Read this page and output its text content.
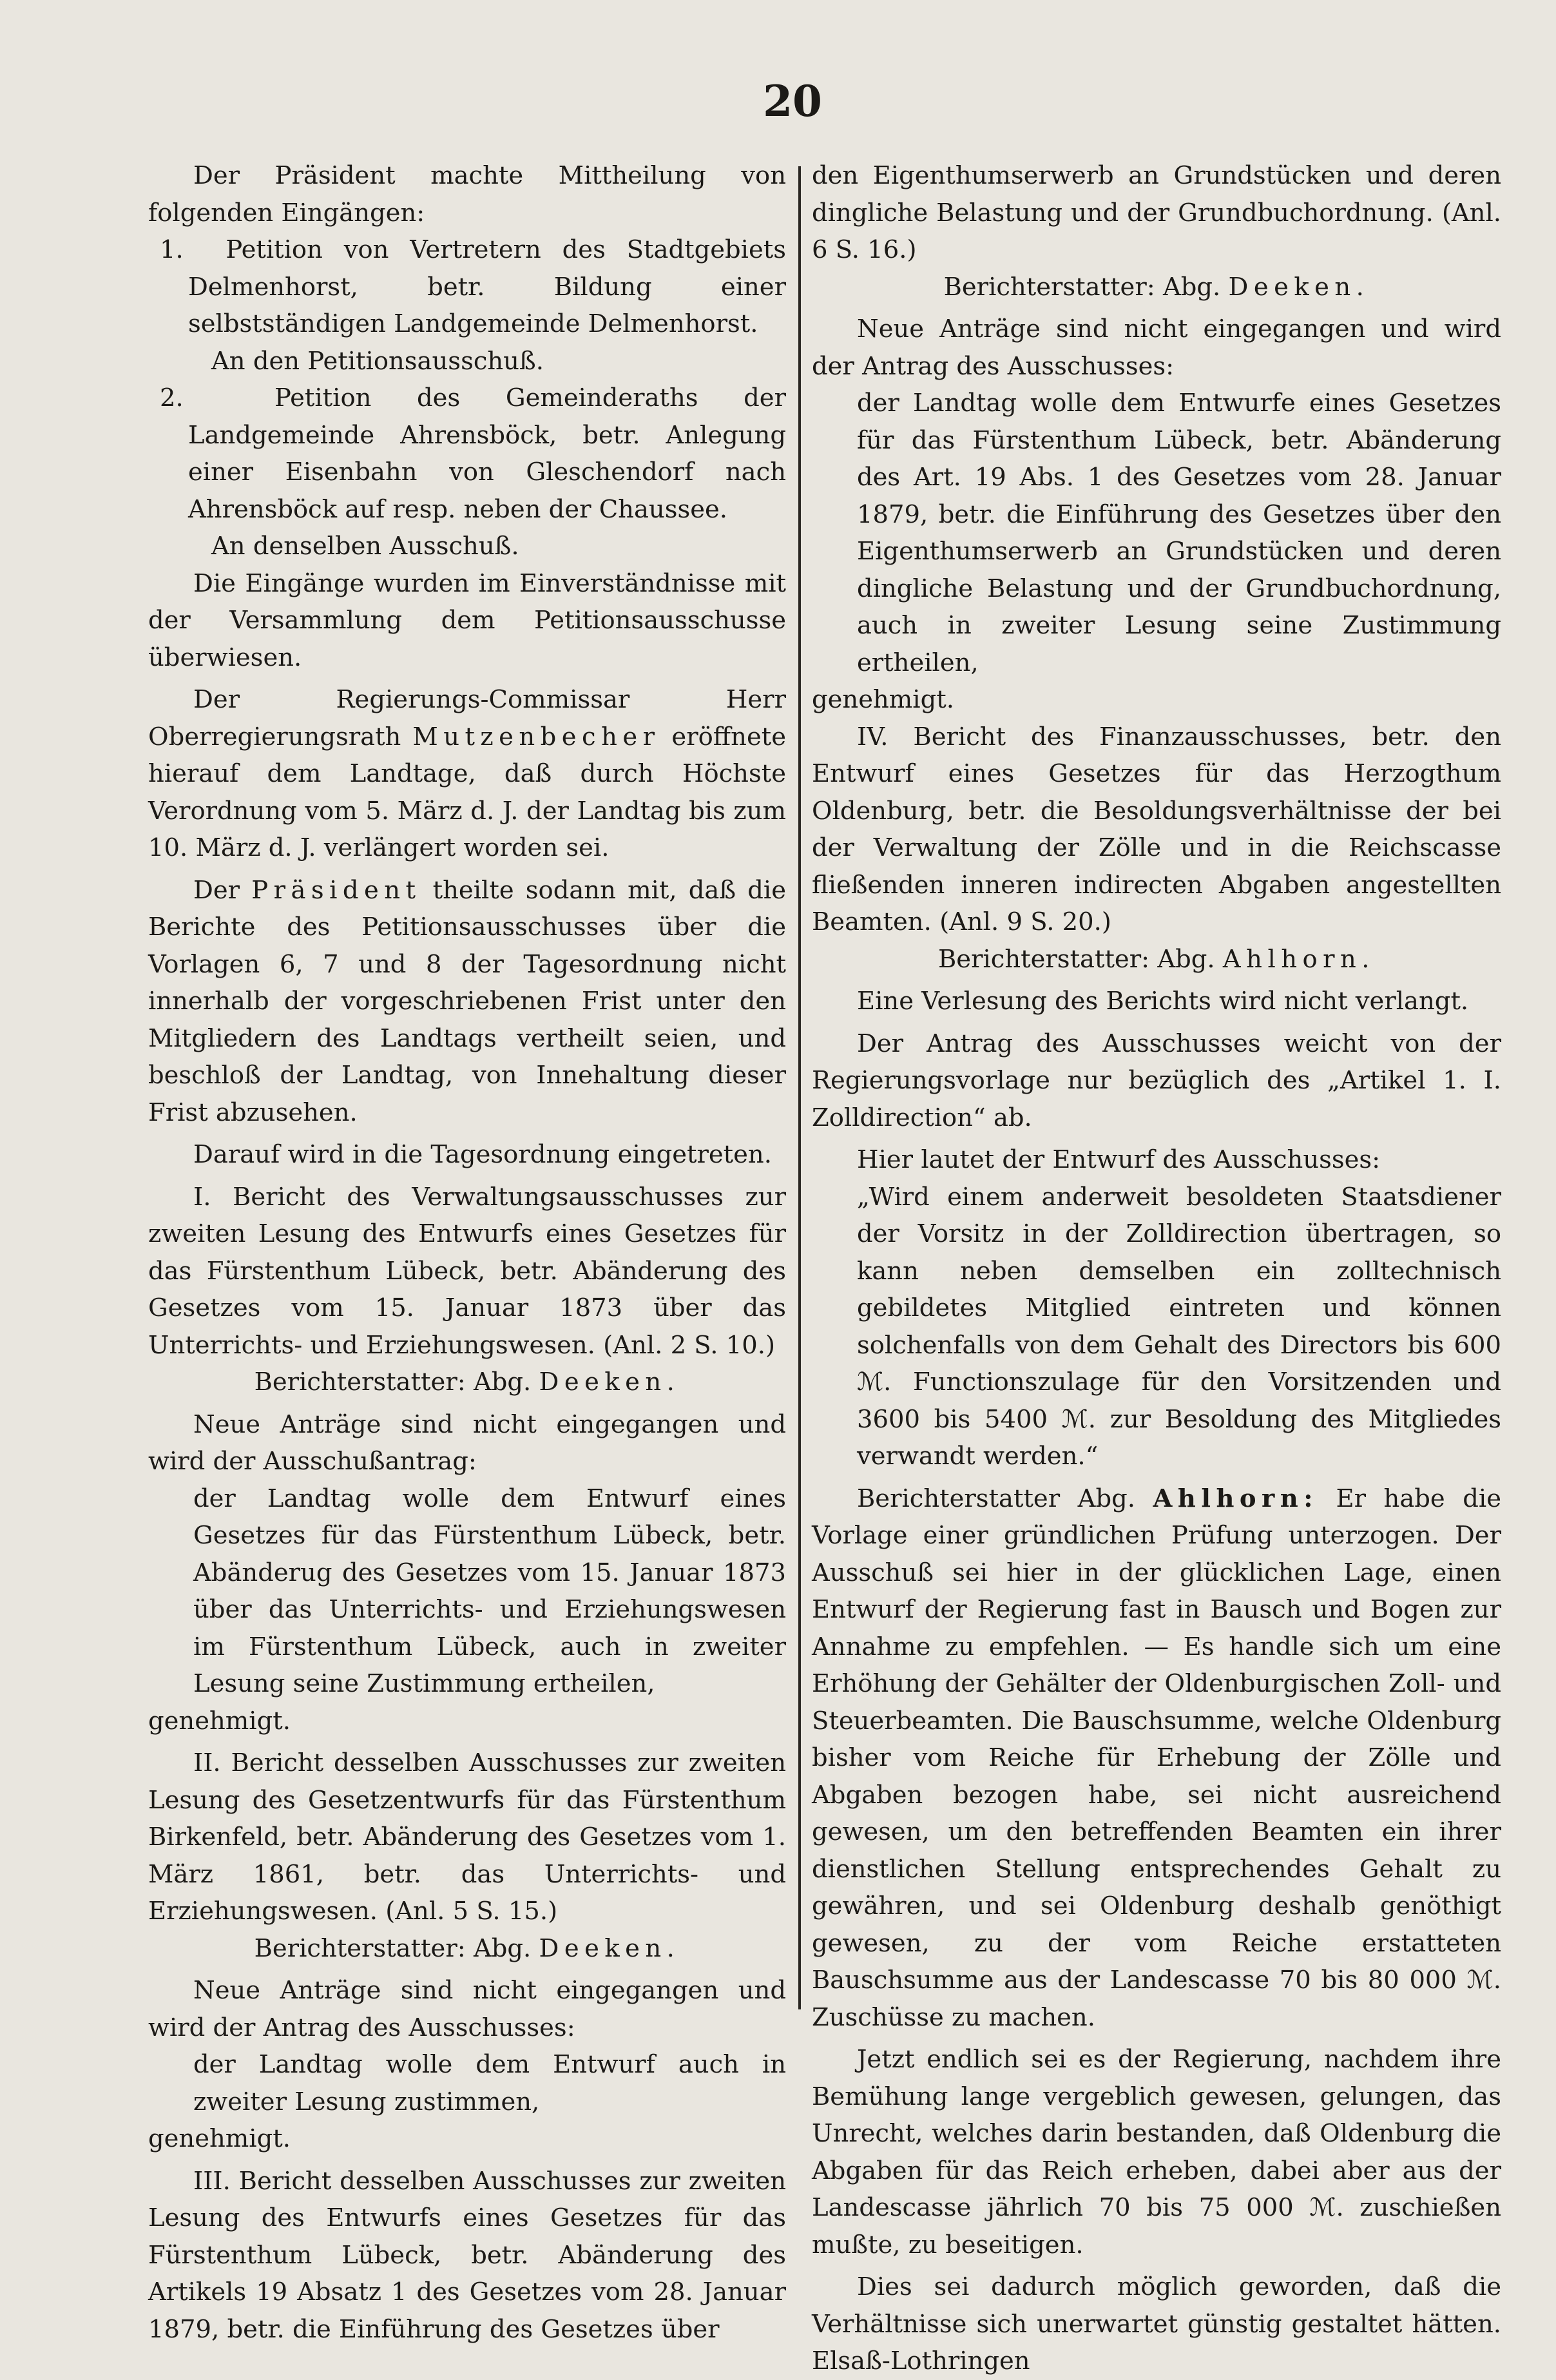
20

Der Präsident machte Mittheilung von folgenden Eingängen:

1. Petition von Vertretern des Stadtgebiets Delmenhorst, betr. Bildung einer selbstständigen Landgemeinde Delmenhorst.

An den Petitionsausschuß.

2.	Petition des Gemeinderaths der Landgemeinde Ahrensböck, betr. Anlegung einer Eisenbahn von Gleschendorf nach Ahrensböck auf resp. neben der Chaussee.

An denselben Ausschuß.

Die Eingänge wurden im Einverständnisse mit der Versammlung dem Petitionsausschusse überwiesen.

Der Regierungs-Commissar Herr Oberregierungsrath Mutzenbecher eröffnete hierauf dem Landtage, daß durch Höchste Verordnung vom 5. März d. J. der Landtag bis zum 10. März d. J. verlängert worden sei.

Der Präsident theilte sodann mit, daß die Berichte des Petitionsausschusses über die Vorlagen 6, 7 und 8 der Tagesordnung nicht innerhalb der vorgeschriebenen Frist unter den Mitgliedern des Landtags vertheilt seien, und beschloß der Landtag, von Innehaltung dieser Frist abzusehen.

Darauf wird in die Tagesordnung eingetreten.

I. Bericht des Verwaltungsausschusses zur zweiten Lesung des Entwurfs eines Gesetzes für das Fürstenthum Lübeck, betr. Abänderung des Gesetzes vom 15. Januar 1873 über das Unterrichts- und Erziehungswesen. (Anl. 2 S. 10.)

Berichterstatter: Abg. Deeken.

Neue Anträge sind nicht eingegangen und wird der Ausschußantrag:

der Landtag wolle dem Entwurf eines Gesetzes für das Fürstenthum Lübeck, betr. Abänderug des Gesetzes vom 15. Januar 1873 über das Unterrichts- und Erziehungswesen im Fürstenthum Lübeck, auch in zweiter Lesung seine Zustimmung ertheilen,

genehmigt.

II. Bericht desselben Ausschusses zur zweiten Lesung des Gesetzentwurfs für das Fürstenthum Birkenfeld, betr. Abänderung des Gesetzes vom 1. März 1861, betr. das Unterrichts- und Erziehungswesen. (Anl. 5 S. 15.)

Berichterstatter: Abg. Deeken.

Neue Anträge sind nicht eingegangen und wird der Antrag des Ausschusses:

der Landtag wolle dem Entwurf auch in zweiter Lesung zustimmen,

genehmigt.

III. Bericht desselben Ausschusses zur zweiten Lesung des Entwurfs eines Gesetzes für das Fürstenthum Lübeck, betr. Abänderung des Artikels 19 Absatz 1 des Gesetzes vom 28. Januar 1879, betr. die Einführung des Gesetzes über

den Eigenthumserwerb an Grundstücken und deren dingliche Belastung und der Grundbuchordnung. (Anl. 6 S. 16.)

Berichterstatter: Abg. Deeken.

Neue Anträge sind nicht eingegangen und wird der Antrag des Ausschusses:

der Landtag wolle dem Entwurfe eines Gesetzes für das Fürstenthum Lübeck, betr. Abänderung des Art. 19 Abs. 1 des Gesetzes vom 28. Januar 1879, betr. die Einführung des Gesetzes über den Eigenthumserwerb an Grundstücken und deren dingliche Belastung und der Grundbuchordnung, auch in zweiter Lesung seine Zustimmung ertheilen,

genehmigt.

IV. Bericht des Finanzausschusses, betr. den Entwurf eines Gesetzes für das Herzogthum Oldenburg, betr. die Besoldungsverhältnisse der bei der Verwaltung der Zölle und in die Reichscasse fließenden inneren indirecten Abgaben angestellten Beamten. (Anl. 9 S. 20.)

Berichterstatter: Abg. Ahlhorn.

Eine Verlesung des Berichts wird nicht verlangt.

Der Antrag des Ausschusses weicht von der Regierungsvorlage nur bezüglich des „Artikel 1. I. Zolldirection“ ab.

Hier lautet der Entwurf des Ausschusses:

„Wird einem anderweit besoldeten Staatsdiener der Vorsitz in der Zolldirection übertragen, so kann neben demselben ein zolltechnisch gebildetes Mitglied eintreten und können solchenfalls von dem Gehalt des Directors bis 600 ℳ. Functionszulage für den Vorsitzenden und 3600 bis 5400 ℳ. zur Besoldung des Mitgliedes verwandt werden.“

Berichterstatter Abg. Ahlhorn: Er habe die Vorlage einer gründlichen Prüfung unterzogen. Der Ausschuß sei hier in der glücklichen Lage, einen Entwurf der Regierung fast in Bausch und Bogen zur Annahme zu empfehlen. — Es handle sich um eine Erhöhung der Gehälter der Oldenburgischen Zoll- und Steuerbeamten. Die Bauschsumme, welche Oldenburg bisher vom Reiche für Erhebung der Zölle und Abgaben bezogen habe, sei nicht ausreichend gewesen, um den betreffenden Beamten ein ihrer dienstlichen Stellung entsprechendes Gehalt zu gewähren, und sei Oldenburg deshalb genöthigt gewesen, zu der vom Reiche erstatteten Bauschsumme aus der Landescasse 70 bis 80 000 ℳ. Zuschüsse zu machen.

Jetzt endlich sei es der Regierung, nachdem ihre Bemühung lange vergeblich gewesen, gelungen, das Unrecht, welches darin bestanden, daß Oldenburg die Abgaben für das Reich erheben, dabei aber aus der Landescasse jährlich 70 bis 75 000 ℳ. zuschießen mußte, zu beseitigen.

Dies sei dadurch möglich geworden, daß die Verhältnisse sich unerwartet günstig gestaltet hätten. Elsaß-Lothringen
